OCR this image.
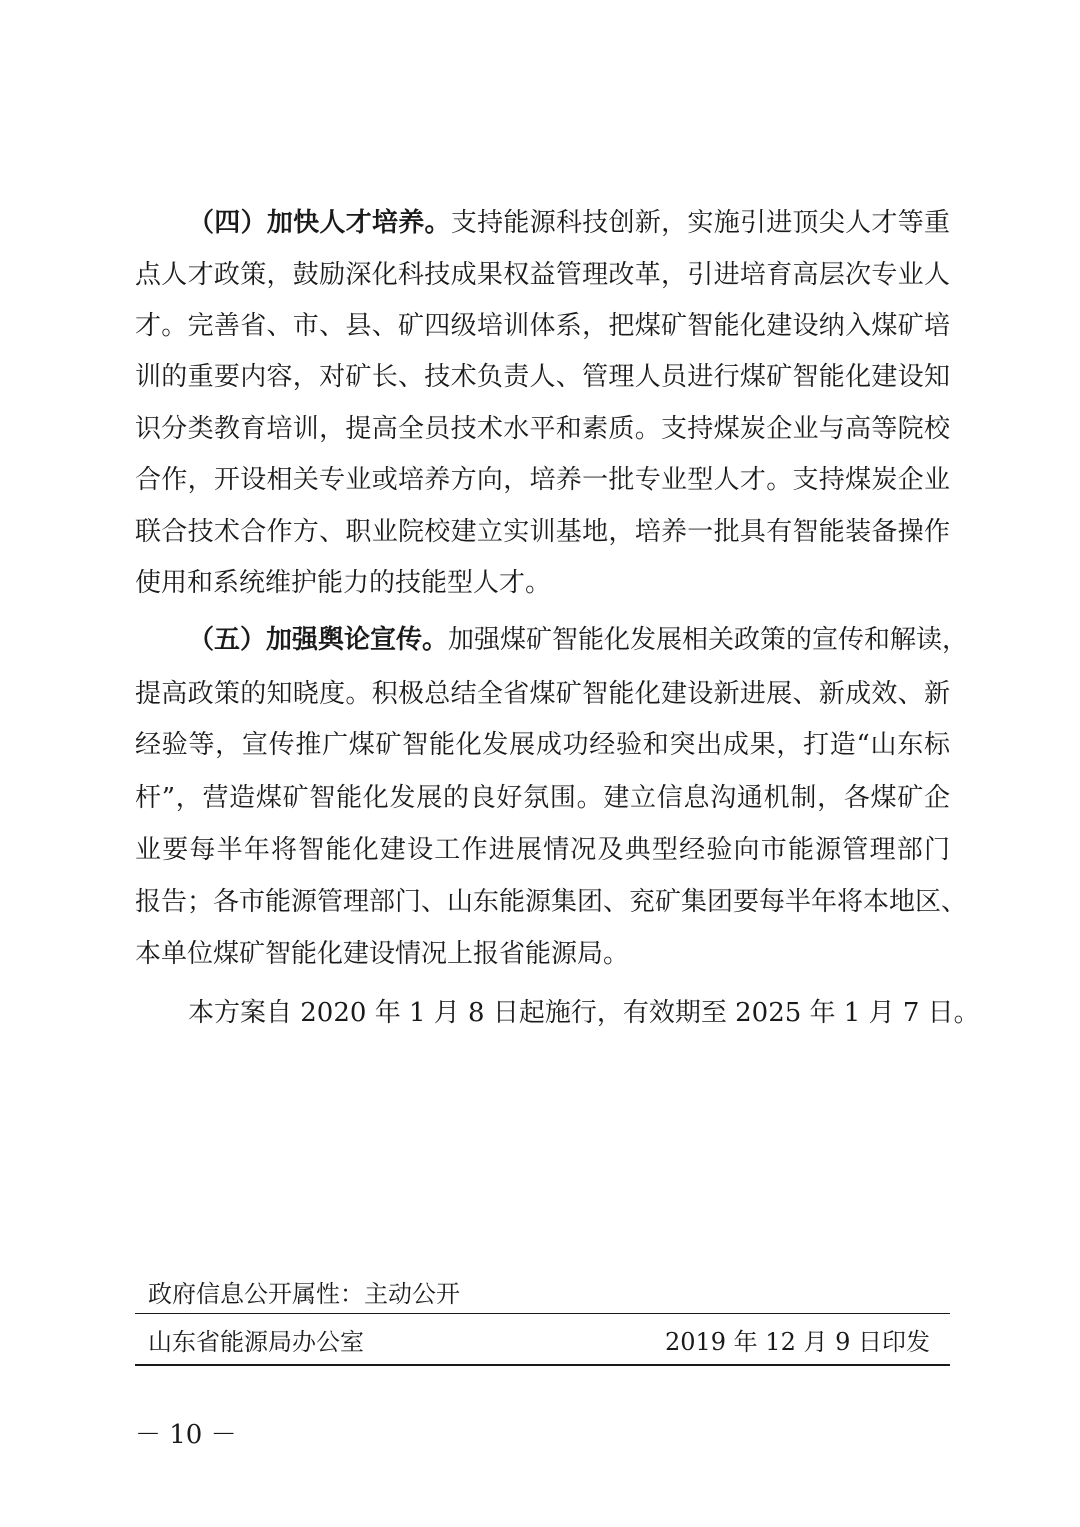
（四）加快人才培养。支持能源科技创新，实施引进顶尖人才等重
点人才政策，鼓励深化科技成果权益管理改革，引进培育高层次专业人
才。完善省、市、县、矿四级培训体系，把煤矿智能化建设纳入煤矿培
训的重要内容，对矿长、技术负责人、管理人员进行煤矿智能化建设知
识分类教育培训，提高全员技术水平和素质。支持煤炭企业与高等院校
合作，开设相关专业或培养方向，培养一批专业型人才。支持煤炭企业
联合技术合作方、职业院校建立实训基地，培养一批具有智能装备操作
使用和系统维护能力的技能型人才。
（五）加强舆论宣传。加强煤矿智能化发展相关政策的宣传和解读，
提高政策的知晓度。积极总结全省煤矿智能化建设新进展、新成效、新
经验等，宣传推广煤矿智能化发展成功经验和突出成果，打造“山东标
杆”，营造煤矿智能化发展的良好氛围。建立信息沟通机制，各煤矿企
业要每半年将智能化建设工作进展情况及典型经验向市能源管理部门
报告；各市能源管理部门、山东能源集团、兖矿集团要每半年将本地区、
本单位煤矿智能化建设情况上报省能源局。
本方案自 2020 年 1 月 8 日起施行，有效期至 2025 年 1 月 7 日。
政府信息公开属性：主动公开
山东省能源局办公室	2019 年 12 月 9 日印发
－ 10 －
